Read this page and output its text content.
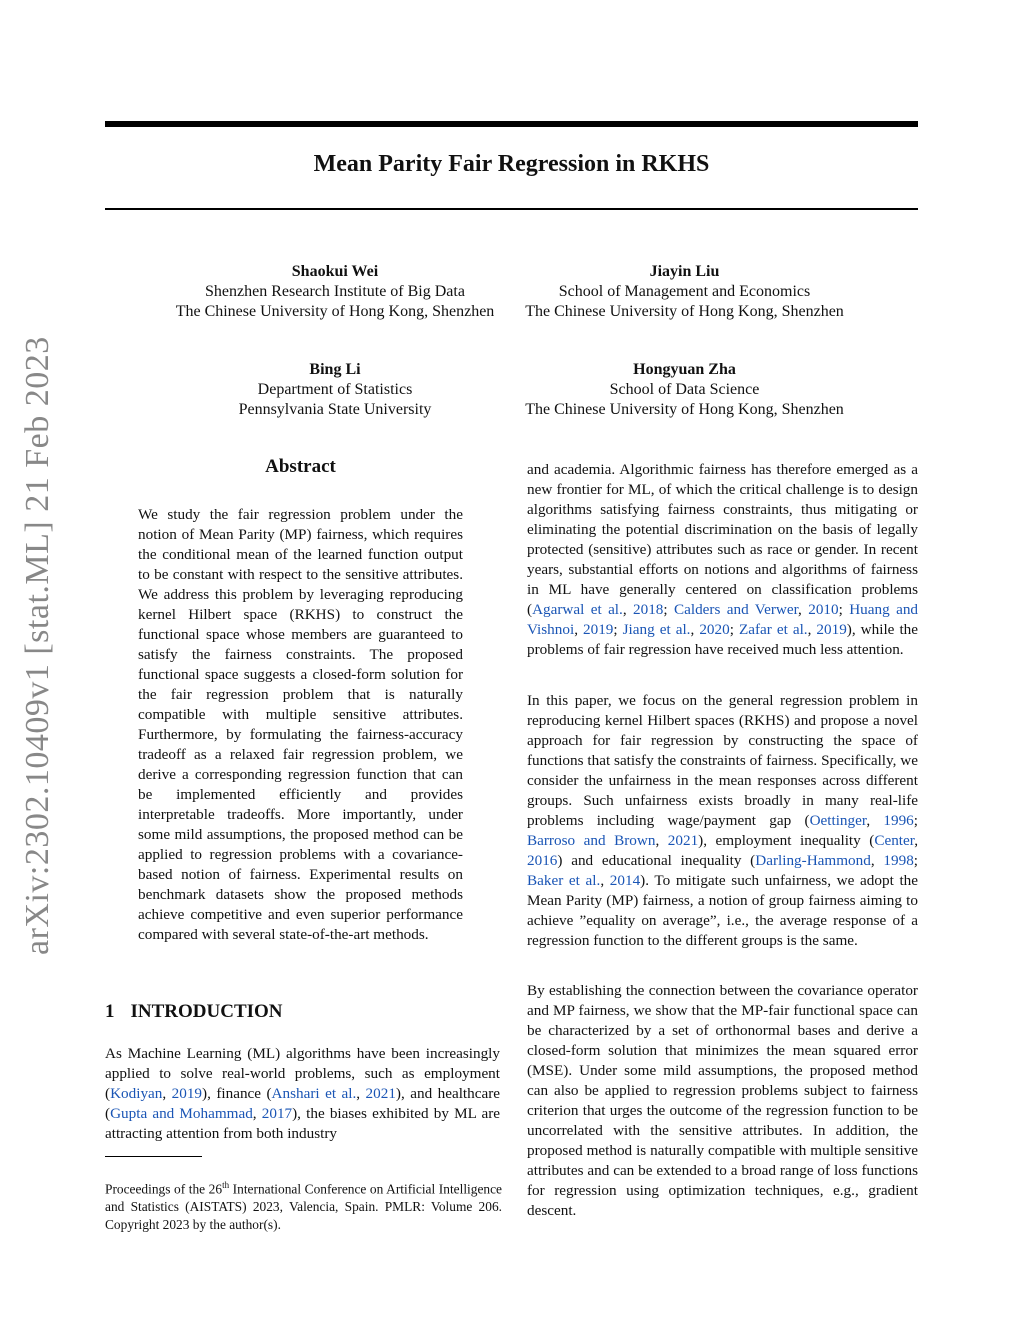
Mean Parity Fair Regression in RKHS
arXiv:2302.10409v1 [stat.ML] 21 Feb 2023
Shaokui Wei
Shenzhen Research Institute of Big Data
The Chinese University of Hong Kong, Shenzhen
Jiayin Liu
School of Management and Economics
The Chinese University of Hong Kong, Shenzhen
Bing Li
Department of Statistics
Pennsylvania State University
Hongyuan Zha
School of Data Science
The Chinese University of Hong Kong, Shenzhen
Abstract
We study the fair regression problem under the notion of Mean Parity (MP) fairness, which requires the conditional mean of the learned function output to be constant with respect to the sensitive attributes. We address this problem by leveraging reproducing kernel Hilbert space (RKHS) to construct the functional space whose members are guaranteed to satisfy the fairness constraints. The proposed functional space suggests a closed-form solution for the fair regression problem that is naturally compatible with multiple sensitive attributes. Furthermore, by formulating the fairness-accuracy tradeoff as a relaxed fair regression problem, we derive a corresponding regression function that can be implemented efficiently and provides interpretable tradeoffs. More importantly, under some mild assumptions, the proposed method can be applied to regression problems with a covariance-based notion of fairness. Experimental results on benchmark datasets show the proposed methods achieve competitive and even superior performance compared with several state-of-the-art methods.
1 INTRODUCTION
As Machine Learning (ML) algorithms have been increasingly applied to solve real-world problems, such as employment (Kodiyan, 2019), finance (Anshari et al., 2021), and healthcare (Gupta and Mohammad, 2017), the biases exhibited by ML are attracting attention from both industry
Proceedings of the 26th International Conference on Artificial Intelligence and Statistics (AISTATS) 2023, Valencia, Spain. PMLR: Volume 206. Copyright 2023 by the author(s).
and academia. Algorithmic fairness has therefore emerged as a new frontier for ML, of which the critical challenge is to design algorithms satisfying fairness constraints, thus mitigating or eliminating the potential discrimination on the basis of legally protected (sensitive) attributes such as race or gender. In recent years, substantial efforts on notions and algorithms of fairness in ML have generally centered on classification problems (Agarwal et al., 2018; Calders and Verwer, 2010; Huang and Vishnoi, 2019; Jiang et al., 2020; Zafar et al., 2019), while the problems of fair regression have received much less attention.
In this paper, we focus on the general regression problem in reproducing kernel Hilbert spaces (RKHS) and propose a novel approach for fair regression by constructing the space of functions that satisfy the constraints of fairness. Specifically, we consider the unfairness in the mean responses across different groups. Such unfairness exists broadly in many real-life problems including wage/payment gap (Oettinger, 1996; Barroso and Brown, 2021), employment inequality (Center, 2016) and educational inequality (Darling-Hammond, 1998; Baker et al., 2014). To mitigate such unfairness, we adopt the Mean Parity (MP) fairness, a notion of group fairness aiming to achieve ”equality on average”, i.e., the average response of a regression function to the different groups is the same.
By establishing the connection between the covariance operator and MP fairness, we show that the MP-fair functional space can be characterized by a set of orthonormal bases and derive a closed-form solution that minimizes the mean squared error (MSE). Under some mild assumptions, the proposed method can also be applied to regression problems subject to fairness criterion that urges the outcome of the regression function to be uncorrelated with the sensitive attributes. In addition, the proposed method is naturally compatible with multiple sensitive attributes and can be extended to a broad range of loss functions for regression using optimization techniques, e.g., gradient descent.
